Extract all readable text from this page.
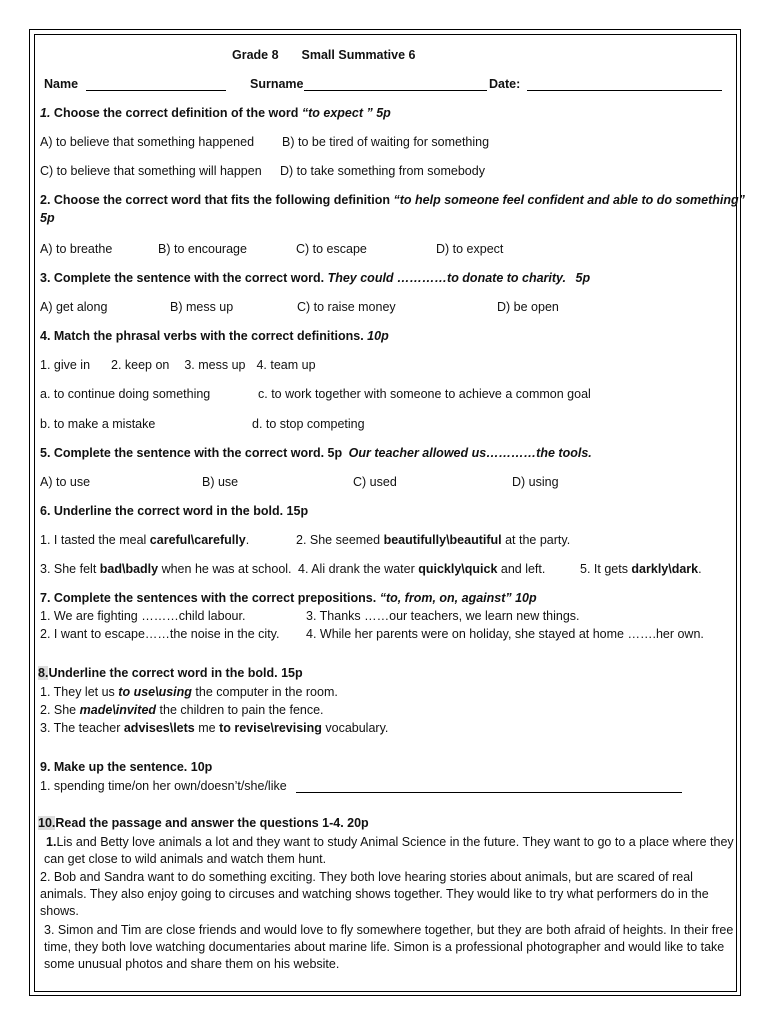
Grade 8 Small Summative 6
Name	Surname	Date:
1. Choose the correct definition of the word “to expect ” 5p
A) to believe that something happened B) to be tired of waiting for something
C) to believe that something will happen D) to take something from somebody
2. Choose the correct word that fits the following definition “to help someone feel confident and able to do something”
5p
A) to breathe	B) to encourage	C) to escape	D) to expect
3. Complete the sentence with the correct word. They could …………to donate to charity. 5p
A) get along	B) mess up	C) to raise money	D) be open
4. Match the phrasal verbs with the correct definitions. 10p
1. give in 2. keep on 3. mess up 4. team up
a. to continue doing something	c. to work together with someone to achieve a common goal
b. to make a mistake	d. to stop competing
5. Complete the sentence with the correct word. 5p Our teacher allowed us…………the tools.
A) to use	B) use	C) used	D) using
6. Underline the correct word in the bold. 15p
1. I tasted the meal careful\carefully.	2. She seemed beautifully\beautiful at the party.
3. She felt bad\badly when he was at school. 4. Ali drank the water quickly\quick and left.	5. It gets darkly\dark.
7. Complete the sentences with the correct prepositions. “to, from, on, against” 10p
1. We are fighting ………child labour.	3. Thanks ……our teachers, we learn new things.
2. I want to escape……the noise in the city. 4. While her parents were on holiday, she stayed at home …….her own.
8.Underline the correct word in the bold. 15p
1. They let us to use\using the computer in the room.
2. She made\invited the children to pain the fence.
3. The teacher advises\lets me to revise\revising vocabulary.
9. Make up the sentence. 10p
1. spending time/on her own/doesn’t/she/like
10.Read the passage and answer the questions 1-4. 20p
1.Lis and Betty love animals a lot and they want to study Animal Science in the future. They want to go to a place where they can get close to wild animals and watch them hunt.
2. Bob and Sandra want to do something exciting. They both love hearing stories about animals, but are scared of real animals. They also enjoy going to circuses and watching shows together. They would like to try what performers do in the shows.
3. Simon and Tim are close friends and would love to fly somewhere together, but they are both afraid of heights. In their free time, they both love watching documentaries about marine life. Simon is a professional photographer and would like to take some unusual photos and share them on his website.
